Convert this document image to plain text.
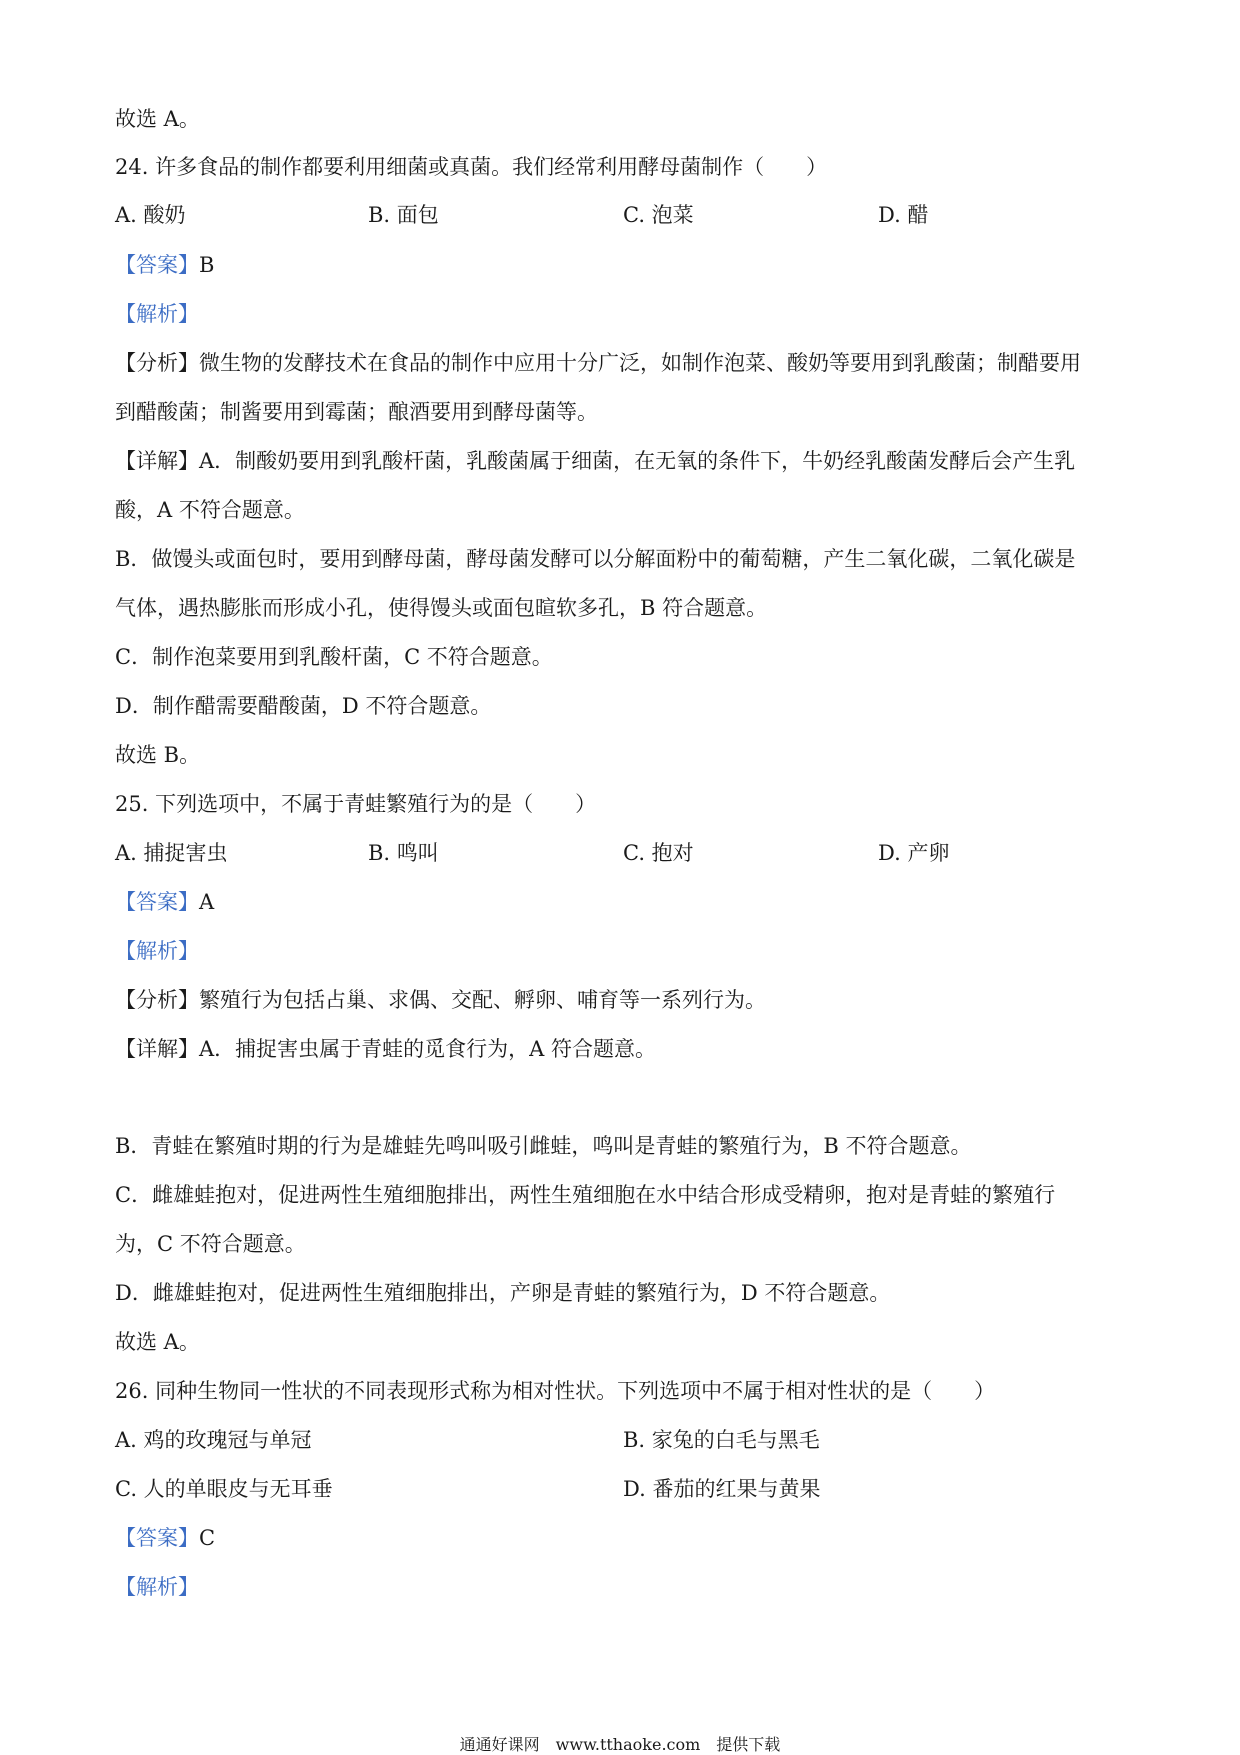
故选 A。
24. 许多食品的制作都要利用细菌或真菌。我们经常利用酵母菌制作（　　）
A. 酸奶	B. 面包	C. 泡菜	D. 醋
【答案】B
【解析】
【分析】微生物的发酵技术在食品的制作中应用十分广泛，如制作泡菜、酸奶等要用到乳酸菌；制醋要用
到醋酸菌；制酱要用到霉菌；酿酒要用到酵母菌等。
【详解】A．制酸奶要用到乳酸杆菌，乳酸菌属于细菌，在无氧的条件下，牛奶经乳酸菌发酵后会产生乳
酸，A 不符合题意。
B．做馒头或面包时，要用到酵母菌，酵母菌发酵可以分解面粉中的葡萄糖，产生二氧化碳，二氧化碳是
气体，遇热膨胀而形成小孔，使得馒头或面包暄软多孔，B 符合题意。
C．制作泡菜要用到乳酸杆菌，C 不符合题意。
D．制作醋需要醋酸菌，D 不符合题意。
故选 B。
25. 下列选项中，不属于青蛙繁殖行为的是（　　）
A. 捕捉害虫	B. 鸣叫	C. 抱对	D. 产卵
【答案】A
【解析】
【分析】繁殖行为包括占巢、求偶、交配、孵卵、哺育等一系列行为。
【详解】A．捕捉害虫属于青蛙的觅食行为，A 符合题意。
B．青蛙在繁殖时期的行为是雄蛙先鸣叫吸引雌蛙，鸣叫是青蛙的繁殖行为，B 不符合题意。
C．雌雄蛙抱对，促进两性生殖细胞排出，两性生殖细胞在水中结合形成受精卵，抱对是青蛙的繁殖行
为，C 不符合题意。
D．雌雄蛙抱对，促进两性生殖细胞排出，产卵是青蛙的繁殖行为，D 不符合题意。
故选 A。
26. 同种生物同一性状的不同表现形式称为相对性状。下列选项中不属于相对性状的是（　　）
A. 鸡的玫瑰冠与单冠	B. 家兔的白毛与黑毛
C. 人的单眼皮与无耳垂	D. 番茄的红果与黄果
【答案】C
【解析】
通通好课网　www.tthaoke.com　提供下载
